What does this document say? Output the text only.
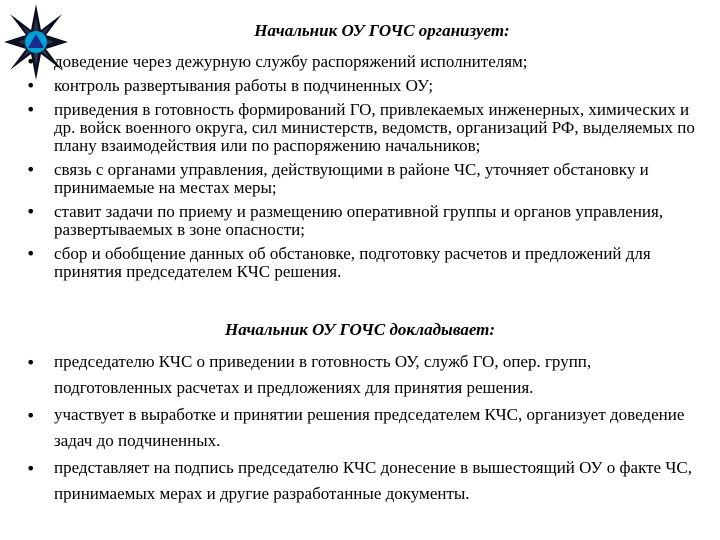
Начальник ОУ ГОЧС организует:
• доведение через дежурную службу распоряжений исполнителям;
• контроль развертывания работы в подчиненных ОУ;
• приведения в готовность формирований ГО, привлекаемых инженерных, химических и др. войск военного округа, сил министерств, ведомств, организаций РФ, выделяемых по плану взаимодействия или по распоряжению начальников;
• связь с органами управления, действующими в районе ЧС, уточняет обстановку и принимаемые на местах меры;
• ставит задачи по приему и размещению оперативной группы и органов управления, развертываемых в зоне опасности;
• сбор и обобщение данных об обстановке, подготовку расчетов и предложений для принятия председателем КЧС решения.
Начальник ОУ ГОЧС докладывает:
• председателю КЧС о приведении в готовность ОУ, служб ГО, опер. групп, подготовленных расчетах и предложениях для принятия решения.
• участвует в выработке и принятии решения председателем КЧС, организует доведение задач до подчиненных.
• представляет на подпись председателю КЧС донесение в вышестоящий ОУ о факте ЧС, принимаемых мерах и другие разработанные документы.
